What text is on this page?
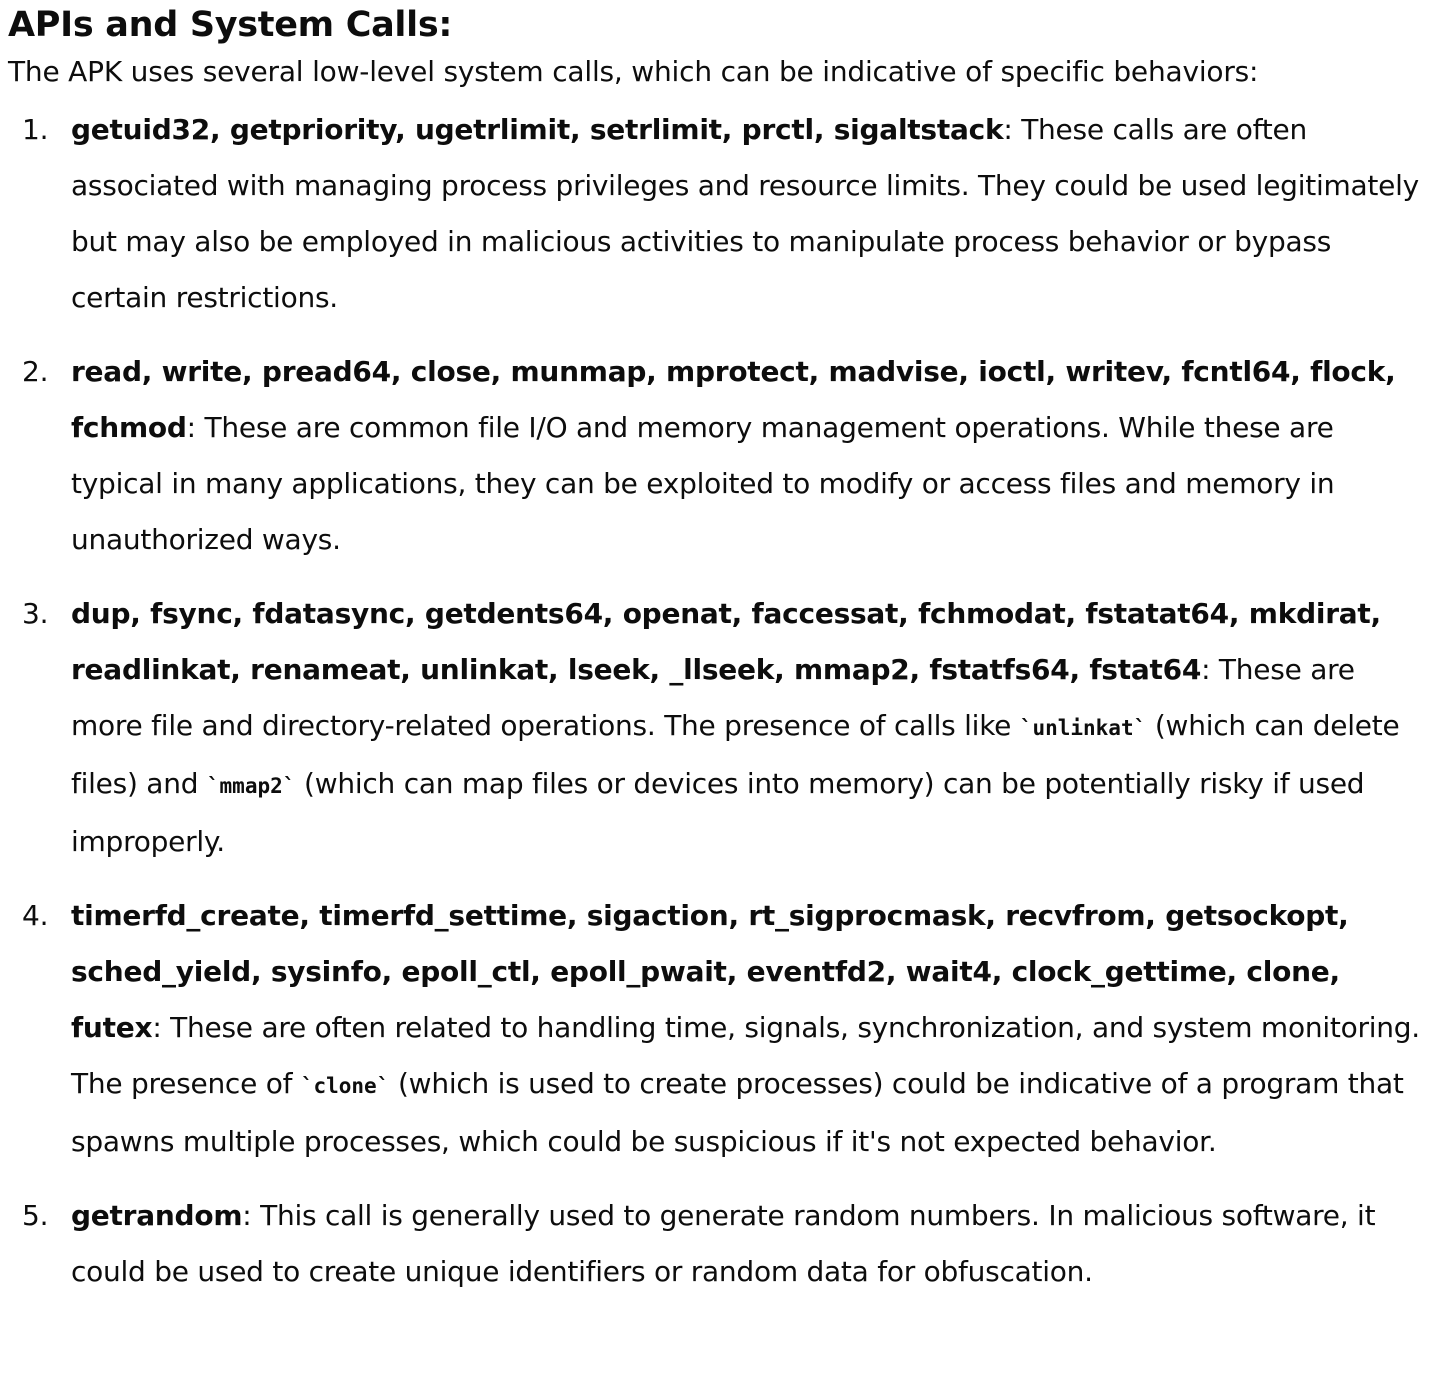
APIs and System Calls:

The APK uses several low-level system calls, which can be indicative of specific behaviors:

1. getuid32, getpriority, ugetrlimit, setrlimit, prctl, sigaltstack: These calls are often associated with managing process privileges and resource limits. They could be used legitimately but may also be employed in malicious activities to manipulate process behavior or bypass certain restrictions.
2. read, write, pread64, close, munmap, mprotect, madvise, ioctl, writev, fcntl64, flock, fchmod: These are common file I/O and memory management operations. While these are typical in many applications, they can be exploited to modify or access files and memory in unauthorized ways.
3. dup, fsync, fdatasync, getdents64, openat, faccessat, fchmodat, fstatat64, mkdirat, readlinkat, renameat, unlinkat, lseek, _llseek, mmap2, fstatfs64, fstat64: These are more file and directory-related operations. The presence of calls like `unlinkat` (which can delete files) and `mmap2` (which can map files or devices into memory) can be potentially risky if used improperly.
4. timerfd_create, timerfd_settime, sigaction, rt_sigprocmask, recvfrom, getsockopt, sched_yield, sysinfo, epoll_ctl, epoll_pwait, eventfd2, wait4, clock_gettime, clone, futex: These are often related to handling time, signals, synchronization, and system monitoring. The presence of `clone` (which is used to create processes) could be indicative of a program that spawns multiple processes, which could be suspicious if it's not expected behavior.
5. getrandom: This call is generally used to generate random numbers. In malicious software, it could be used to create unique identifiers or random data for obfuscation.
